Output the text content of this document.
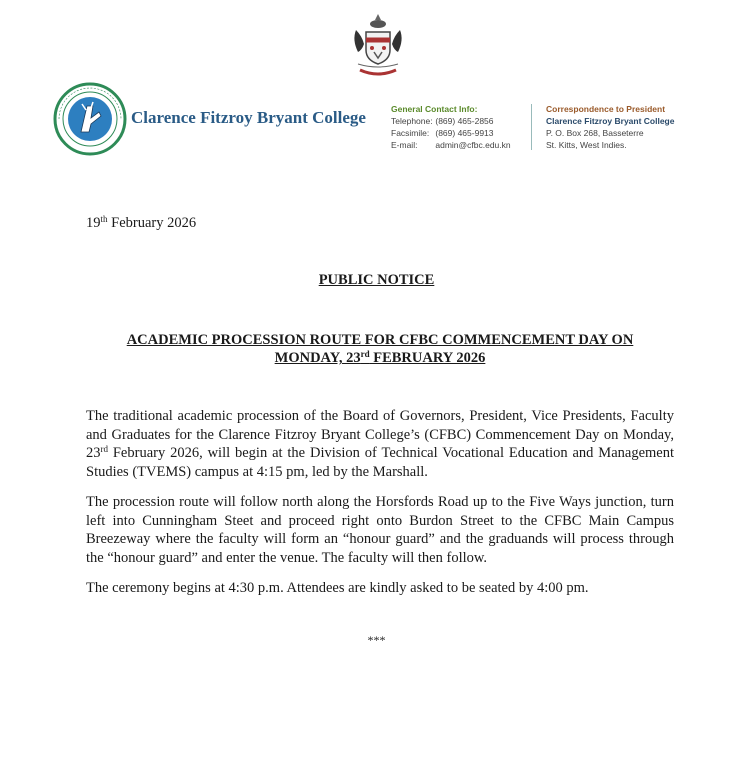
Clarence Fitzroy Bryant College	General Contact Info:
Telephone: (869) 465-2856
Facsimile: (869) 465-9913
E-mail: admin@cfbc.edu.kn
Correspondence to President
Clarence Fitzroy Bryant College
P. O. Box 268, Basseterre
St. Kitts, West Indies.
19th February 2026
PUBLIC NOTICE
ACADEMIC PROCESSION ROUTE FOR CFBC COMMENCEMENT DAY ON
MONDAY, 23rd FEBRUARY 2026
The traditional academic procession of the Board of Governors, President, Vice Presidents, Faculty and Graduates for the Clarence Fitzroy Bryant College’s (CFBC) Commencement Day on Monday, 23rd February 2026, will begin at the Division of Technical Vocational Education and Management Studies (TVEMS) campus at 4:15 pm, led by the Marshall.
The procession route will follow north along the Horsfords Road up to the Five Ways junction, turn left into Cunningham Steet and proceed right onto Burdon Street to the CFBC Main Campus Breezeway where the faculty will form an “honour guard” and the graduands will process through the “honour guard” and enter the venue. The faculty will then follow.
The ceremony begins at 4:30 p.m. Attendees are kindly asked to be seated by 4:00 pm.
***
